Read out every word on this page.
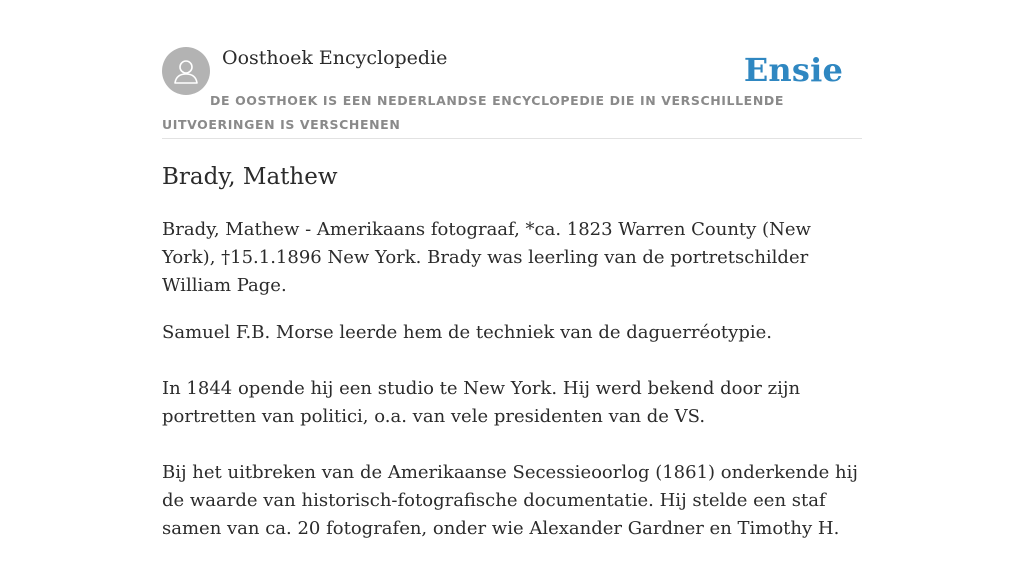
Oosthoek Encyclopedie	Ensie
DE OOSTHOEK IS EEN NEDERLANDSE ENCYCLOPEDIE DIE IN VERSCHILLENDE UITVOERINGEN IS VERSCHENEN
Brady, Mathew

Brady, Mathew - Amerikaans fotograaf, *ca. 1823 Warren County (New York), †15.1.1896 New York. Brady was leerling van de portretschilder William Page.

Samuel F.B. Morse leerde hem de techniek van de daguerréotypie.

In 1844 opende hij een studio te New York. Hij werd bekend door zijn portretten van politici, o.a. van vele presidenten van de VS.

Bij het uitbreken van de Amerikaanse Secessieoorlog (1861) onderkende hij de waarde van historisch-fotografische documentatie. Hij stelde een staf samen van ca. 20 fotografen, onder wie Alexander Gardner en Timothy H.
